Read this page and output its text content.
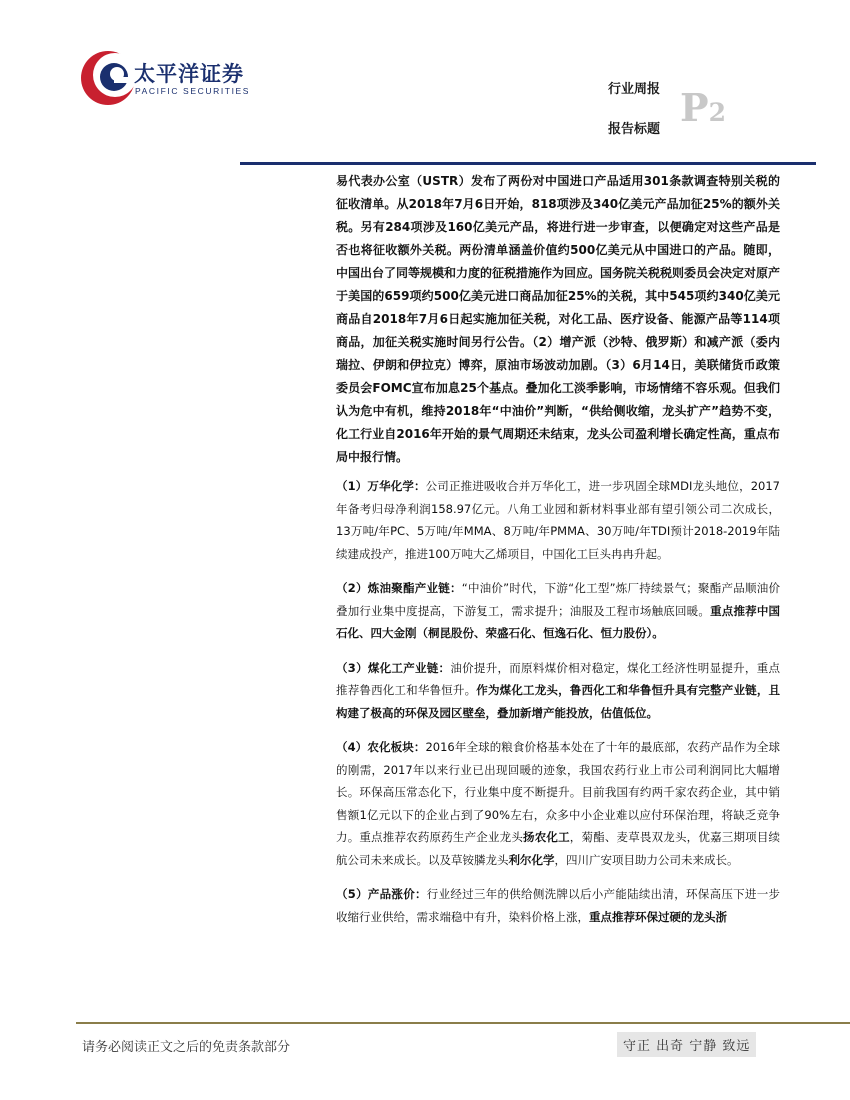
太平洋证券
PACIFIC SECURITIES	行业周报
报告标题 P2

易代表办公室（USTR）发布了两份对中国进口产品适用301条款调查特别关税的征收清单。从2018年7月6日开始，818项涉及340亿美元产品加征25%的额外关税。另有284项涉及160亿美元产品，将进行进一步审查，以便确定对这些产品是否也将征收额外关税。两份清单涵盖价值约500亿美元从中国进口的产品。随即，中国出台了同等规模和力度的征税措施作为回应。国务院关税税则委员会决定对原产于美国的659项约500亿美元进口商品加征25%的关税，其中545项约340亿美元商品自2018年7月6日起实施加征关税，对化工品、医疗设备、能源产品等114项商品，加征关税实施时间另行公告。（2）增产派（沙特、俄罗斯）和减产派（委内瑞拉、伊朗和伊拉克）博弈，原油市场波动加剧。（3）6月14日，美联储货币政策委员会FOMC宣布加息25个基点。叠加化工淡季影响，市场情绪不容乐观。但我们认为危中有机，维持2018年“中油价”判断，“供给侧收缩，龙头扩产”趋势不变，化工行业自2016年开始的景气周期还未结束，龙头公司盈利增长确定性高，重点布局中报行情。

（1）万华化学：公司正推进吸收合并万华化工，进一步巩固全球MDI龙头地位，2017年备考归母净利润158.97亿元。八角工业园和新材料事业部有望引领公司二次成长，13万吨/年PC、5万吨/年MMA、8万吨/年PMMA、30万吨/年TDI预计2018-2019年陆续建成投产，推进100万吨大乙烯项目，中国化工巨头冉冉升起。

（2）炼油聚酯产业链：“中油价”时代，下游“化工型”炼厂持续景气；聚酯产品顺油价叠加行业集中度提高，下游复工，需求提升；油服及工程市场触底回暖。重点推荐中国石化、四大金刚（桐昆股份、荣盛石化、恒逸石化、恒力股份）。

（3）煤化工产业链：油价提升，而原料煤价相对稳定，煤化工经济性明显提升，重点推荐鲁西化工和华鲁恒升。作为煤化工龙头，鲁西化工和华鲁恒升具有完整产业链，且构建了极高的环保及园区壁垒，叠加新增产能投放，估值低位。

（4）农化板块：2016年全球的粮食价格基本处在了十年的最底部，农药产品作为全球的刚需，2017年以来行业已出现回暖的迹象，我国农药行业上市公司利润同比大幅增长。环保高压常态化下，行业集中度不断提升。目前我国有约两千家农药企业，其中销售额1亿元以下的企业占到了90%左右，众多中小企业难以应付环保治理，将缺乏竞争力。重点推荐农药原药生产企业龙头扬农化工，菊酯、麦草畏双龙头，优嘉三期项目续航公司未来成长。以及草铵膦龙头利尔化学，四川广安项目助力公司未来成长。

（5）产品涨价：行业经过三年的供给侧洗牌以后小产能陆续出清，环保高压下进一步收缩行业供给，需求端稳中有升，染料价格上涨，重点推荐环保过硬的龙头浙

请务必阅读正文之后的免责条款部分	守正 出奇 宁静 致远
